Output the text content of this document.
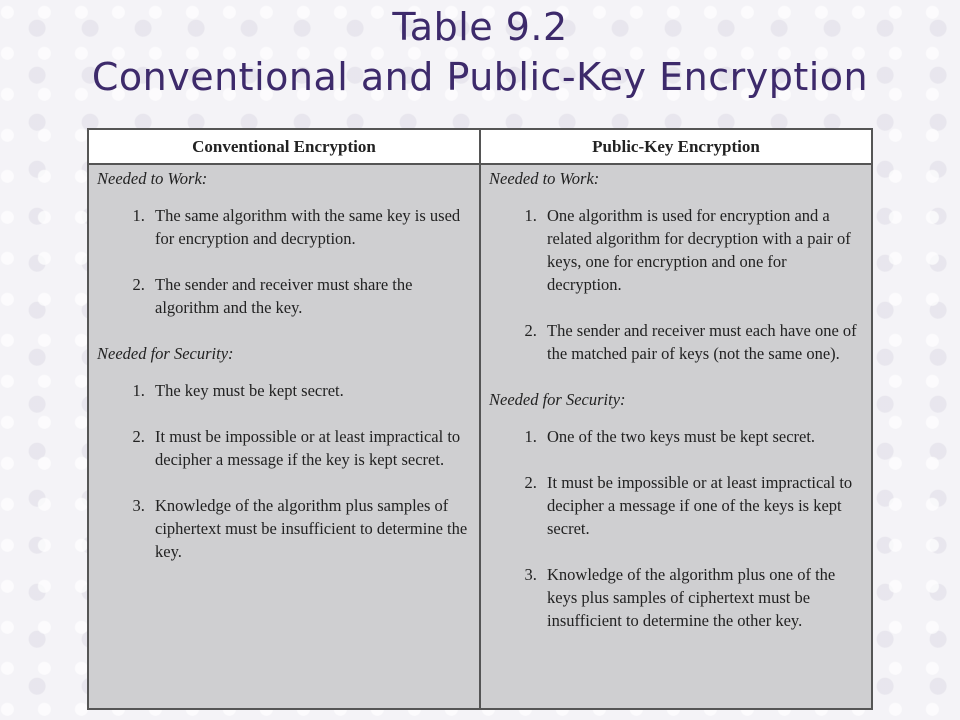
Table 9.2
Conventional and Public-Key Encryption
Conventional Encryption	Public-Key Encryption
Needed to Work:
1. The same algorithm with the same key is used for encryption and decryption.
2. The sender and receiver must share the algorithm and the key.
Needed for Security:
1. The key must be kept secret.
2. It must be impossible or at least impractical to decipher a message if the key is kept secret.
3. Knowledge of the algorithm plus samples of ciphertext must be insufficient to determine the key.
Needed to Work:
1. One algorithm is used for encryption and a related algorithm for decryption with a pair of keys, one for encryption and one for decryption.
2. The sender and receiver must each have one of the matched pair of keys (not the same one).
Needed for Security:
1. One of the two keys must be kept secret.
2. It must be impossible or at least impractical to decipher a message if one of the keys is kept secret.
3. Knowledge of the algorithm plus one of the keys plus samples of ciphertext must be insufficient to determine the other key.
